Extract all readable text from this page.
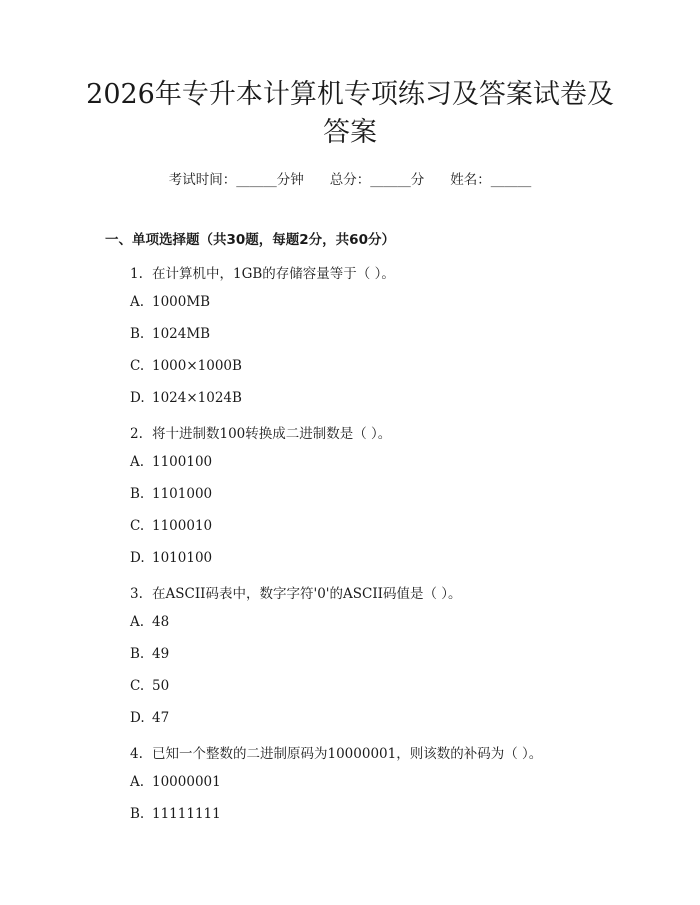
2026年专升本计算机专项练习及答案试卷及
答案
考试时间：______分钟 总分：______分 姓名：______
一、单项选择题（共30题，每题2分，共60分）
1. 在计算机中，1GB的存储容量等于（ ）。
A. 1000MB
B. 1024MB
C. 1000×1000B
D. 1024×1024B
2. 将十进制数100转换成二进制数是（ ）。
A. 1100100
B. 1101000
C. 1100010
D. 1010100
3. 在ASCII码表中，数字字符'0'的ASCII码值是（ ）。
A. 48
B. 49
C. 50
D. 47
4. 已知一个整数的二进制原码为10000001，则该数的补码为（ ）。
A. 10000001
B. 11111111
